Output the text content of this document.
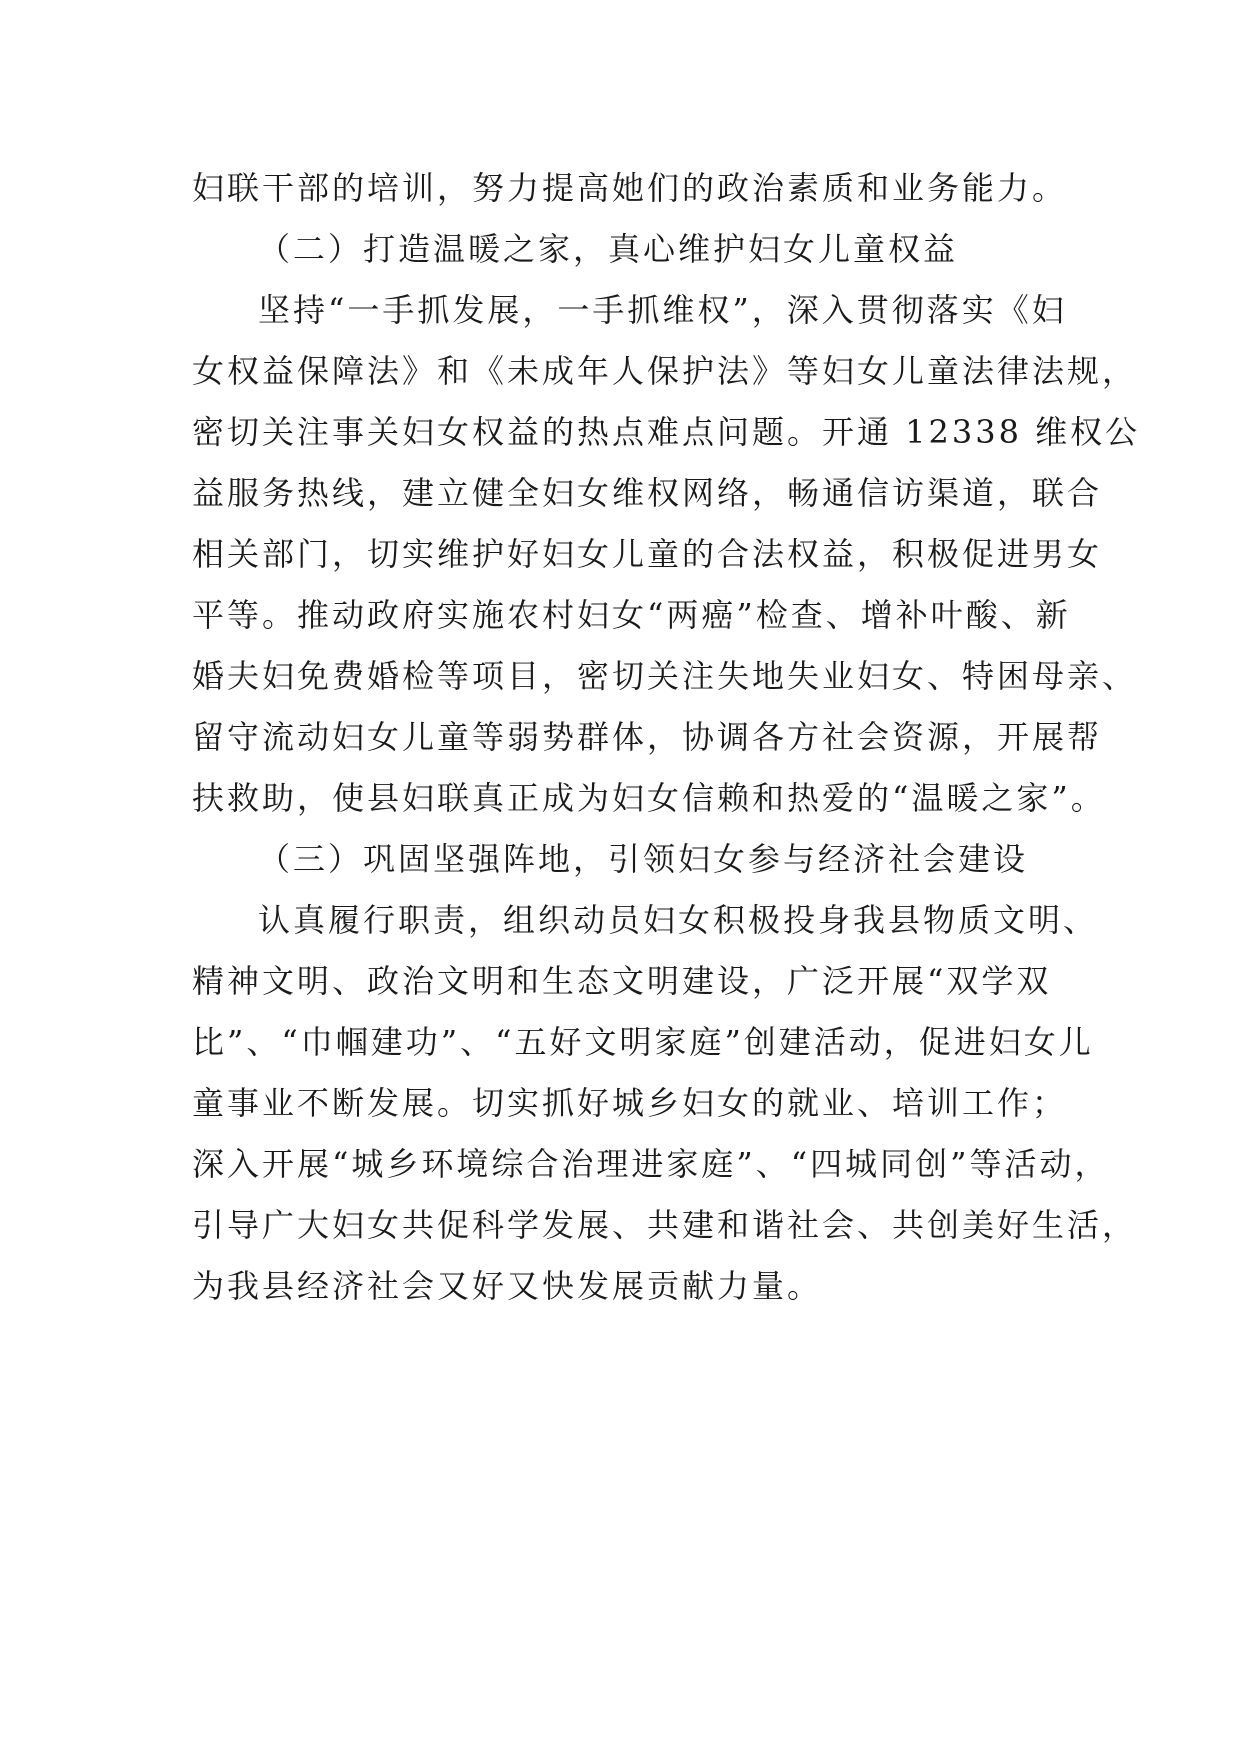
妇联干部的培训，努力提高她们的政治素质和业务能力。
（二）打造温暖之家，真心维护妇女儿童权益
坚持“一手抓发展，一手抓维权”，深入贯彻落实《妇
女权益保障法》和《未成年人保护法》等妇女儿童法律法规，
密切关注事关妇女权益的热点难点问题。开通 12338 维权公
益服务热线，建立健全妇女维权网络，畅通信访渠道，联合
相关部门，切实维护好妇女儿童的合法权益，积极促进男女
平等。推动政府实施农村妇女“两癌”检查、增补叶酸、新
婚夫妇免费婚检等项目，密切关注失地失业妇女、特困母亲、
留守流动妇女儿童等弱势群体，协调各方社会资源，开展帮
扶救助，使县妇联真正成为妇女信赖和热爱的“温暖之家”。
（三）巩固坚强阵地，引领妇女参与经济社会建设
认真履行职责，组织动员妇女积极投身我县物质文明、
精神文明、政治文明和生态文明建设，广泛开展“双学双
比”、“巾帼建功”、“五好文明家庭”创建活动，促进妇女儿
童事业不断发展。切实抓好城乡妇女的就业、培训工作；
深入开展“城乡环境综合治理进家庭”、“四城同创”等活动，
引导广大妇女共促科学发展、共建和谐社会、共创美好生活，
为我县经济社会又好又快发展贡献力量。
